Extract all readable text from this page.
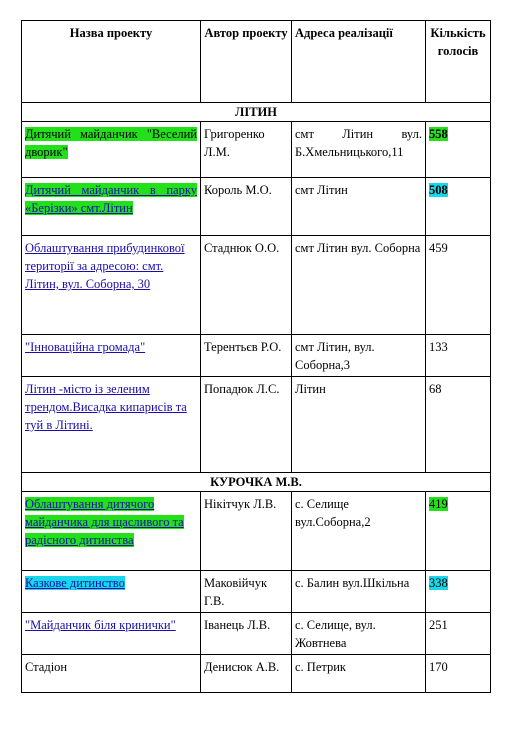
Назва проекту	Автор проекту	Адреса реалізації	Кількість голосів
ЛІТИН			
Дитячий майданчик "Веселий дворик"	Григоренко Л.М.	смт Літин вул. Б.Хмельницького,11	558
Дитячий майданчик в парку «Берізки» смт.Літин	Король М.О.	смт Літин	508
Облаштування прибудинкової території за адресою: смт. Літин, вул. Соборна, 30	Стаднюк О.О.	смт Літин вул. Соборна	459
"Інноваційна громада"	Терентьєв Р.О.	смт Літин, вул. Соборна,3	133
Літин -місто із зеленим трендом.Висадка кипарисів та туй в Літині.	Попадюк Л.С.	Літин	68
КУРОЧКА М.В.			
Облаштування дитячого майданчика для щасливого та радісного дитинства	Нікітчук Л.В.	с. Селище вул.Соборна,2	419
Казкове дитинство	Маковійчук Г.В.	с. Балин вул.Шкільна	338
"Майданчик біля кринички"	Іванець Л.В.	с. Селище, вул. Жовтнева	251
Стадіон	Денисюк А.В.	с. Петрик	170
